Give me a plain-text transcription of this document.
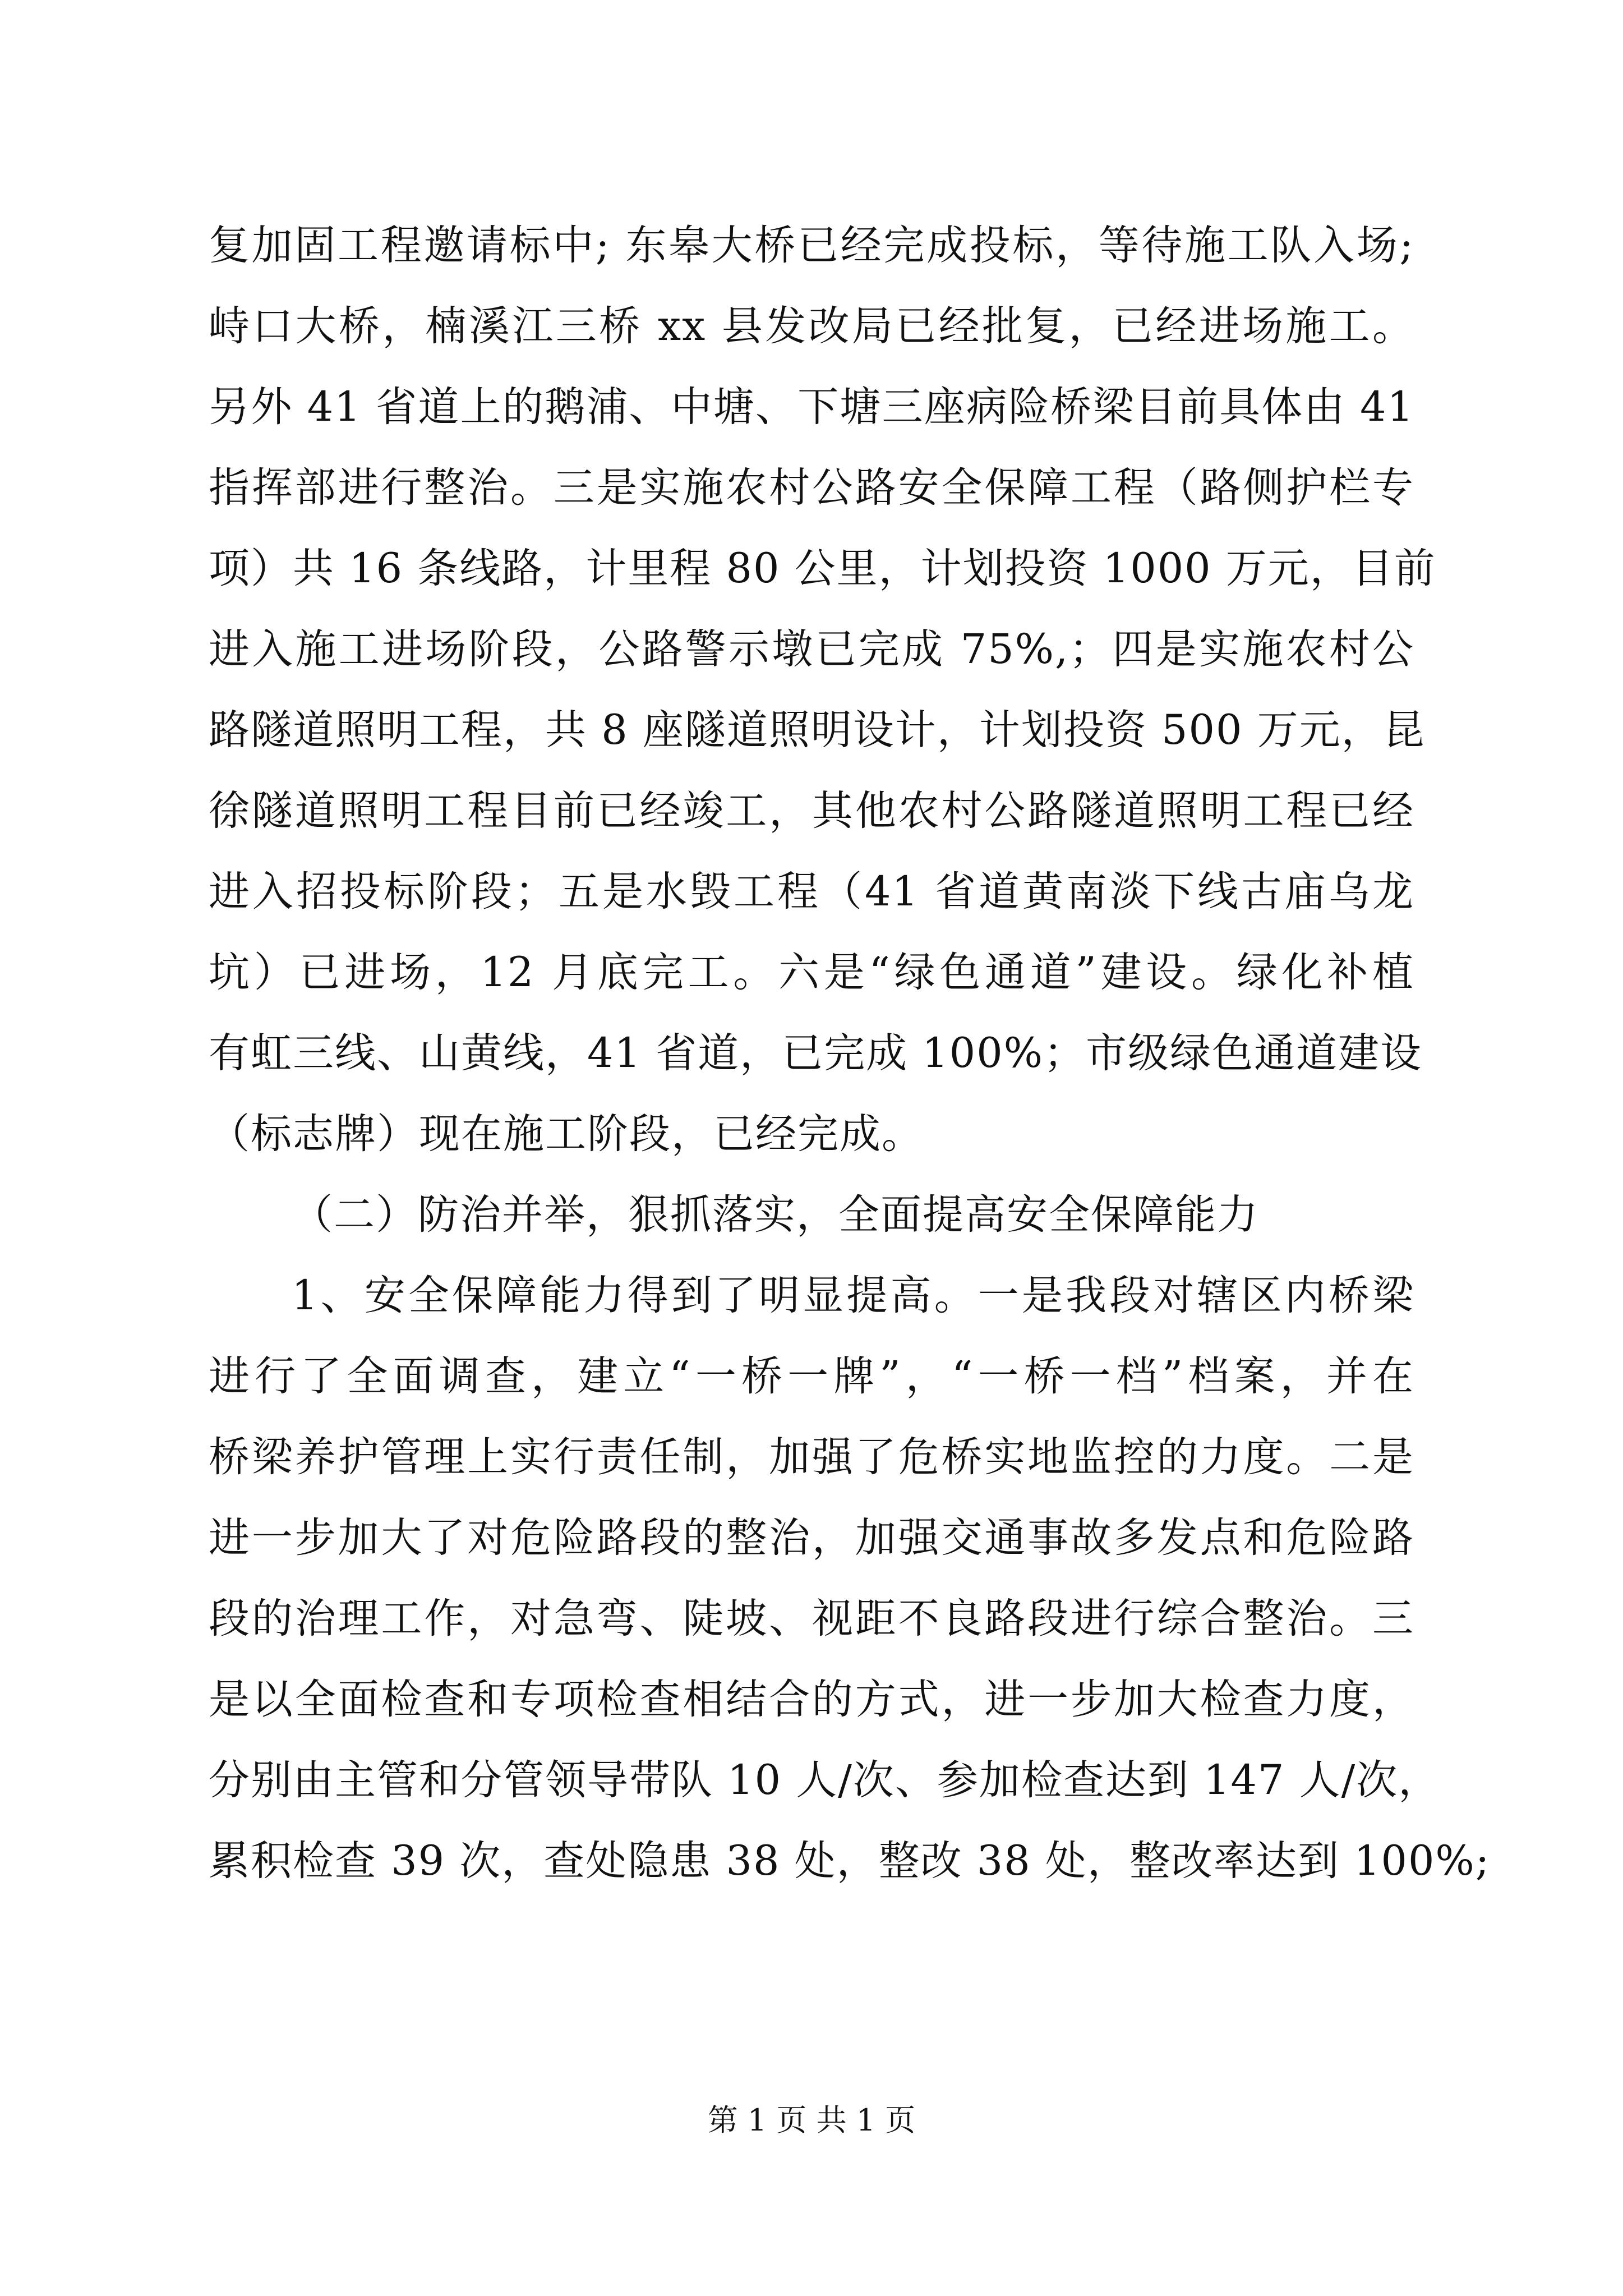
复加固工程邀请标中; 东皋大桥已经完成投标，等待施工队入场;
峙口大桥，楠溪江三桥 xx 县发改局已经批复，已经进场施工。
另外 41 省道上的鹅浦、中塘、下塘三座病险桥梁目前具体由 41
指挥部进行整治。三是实施农村公路安全保障工程（路侧护栏专
项）共 16 条线路，计里程 80 公里，计划投资 1000 万元，目前
进入施工进场阶段，公路警示墩已完成 75%,；四是实施农村公
路隧道照明工程，共 8 座隧道照明设计，计划投资 500 万元，昆
徐隧道照明工程目前已经竣工，其他农村公路隧道照明工程已经
进入招投标阶段；五是水毁工程（41 省道黄南淡下线古庙乌龙
坑）已进场，12 月底完工。六是“绿色通道”建设。绿化补植
有虹三线、山黄线，41 省道，已完成 100%；市级绿色通道建设
（标志牌）现在施工阶段，已经完成。
（二）防治并举，狠抓落实，全面提高安全保障能力
1、安全保障能力得到了明显提高。一是我段对辖区内桥梁
进行了全面调查，建立“一桥一牌”，“一桥一档”档案，并在
桥梁养护管理上实行责任制，加强了危桥实地监控的力度。二是
进一步加大了对危险路段的整治，加强交通事故多发点和危险路
段的治理工作，对急弯、陡坡、视距不良路段进行综合整治。三
是以全面检查和专项检查相结合的方式，进一步加大检查力度，
分别由主管和分管领导带队 10 人/次、参加检查达到 147 人/次，
累积检查 39 次，查处隐患 38 处，整改 38 处，整改率达到 100%;
第 1 页 共 1 页
